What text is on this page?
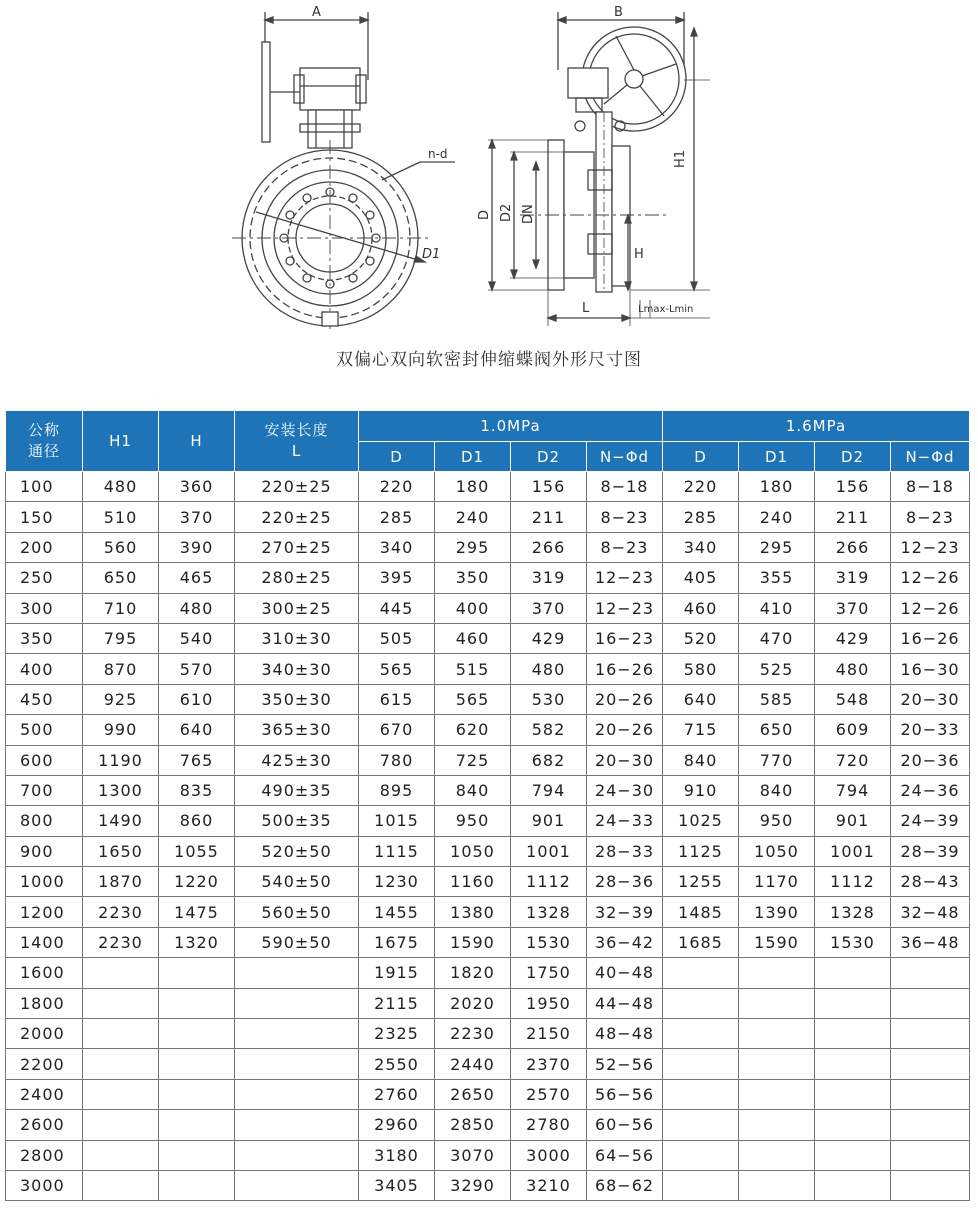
A
n-d
D1
B
H1
D D2 DN
H
L	Lmax-Lmin
双偏心双向软密封伸缩蝶阀外形尺寸图
公称
通径	H1	H	安装长度
L	1.0MPa				1.6MPa			
				D	D1	D2	N−Φd	D	D1	D2	N−Φd
100	480	360	220±25	220	180	156	8−18	220	180	156	8−18
150	510	370	220±25	285	240	211	8−23	285	240	211	8−23
200	560	390	270±25	340	295	266	8−23	340	295	266	12−23
250	650	465	280±25	395	350	319	12−23	405	355	319	12−26
300	710	480	300±25	445	400	370	12−23	460	410	370	12−26
350	795	540	310±30	505	460	429	16−23	520	470	429	16−26
400	870	570	340±30	565	515	480	16−26	580	525	480	16−30
450	925	610	350±30	615	565	530	20−26	640	585	548	20−30
500	990	640	365±30	670	620	582	20−26	715	650	609	20−33
600	1190	765	425±30	780	725	682	20−30	840	770	720	20−36
700	1300	835	490±35	895	840	794	24−30	910	840	794	24−36
800	1490	860	500±35	1015	950	901	24−33	1025	950	901	24−39
900	1650	1055	520±50	1115	1050	1001	28−33	1125	1050	1001	28−39
1000	1870	1220	540±50	1230	1160	1112	28−36	1255	1170	1112	28−43
1200	2230	1475	560±50	1455	1380	1328	32−39	1485	1390	1328	32−48
1400	2230	1320	590±50	1675	1590	1530	36−42	1685	1590	1530	36−48
1600				1915	1820	1750	40−48				
1800				2115	2020	1950	44−48				
2000				2325	2230	2150	48−48				
2200				2550	2440	2370	52−56				
2400				2760	2650	2570	56−56				
2600				2960	2850	2780	60−56				
2800				3180	3070	3000	64−56				
3000				3405	3290	3210	68−62				
